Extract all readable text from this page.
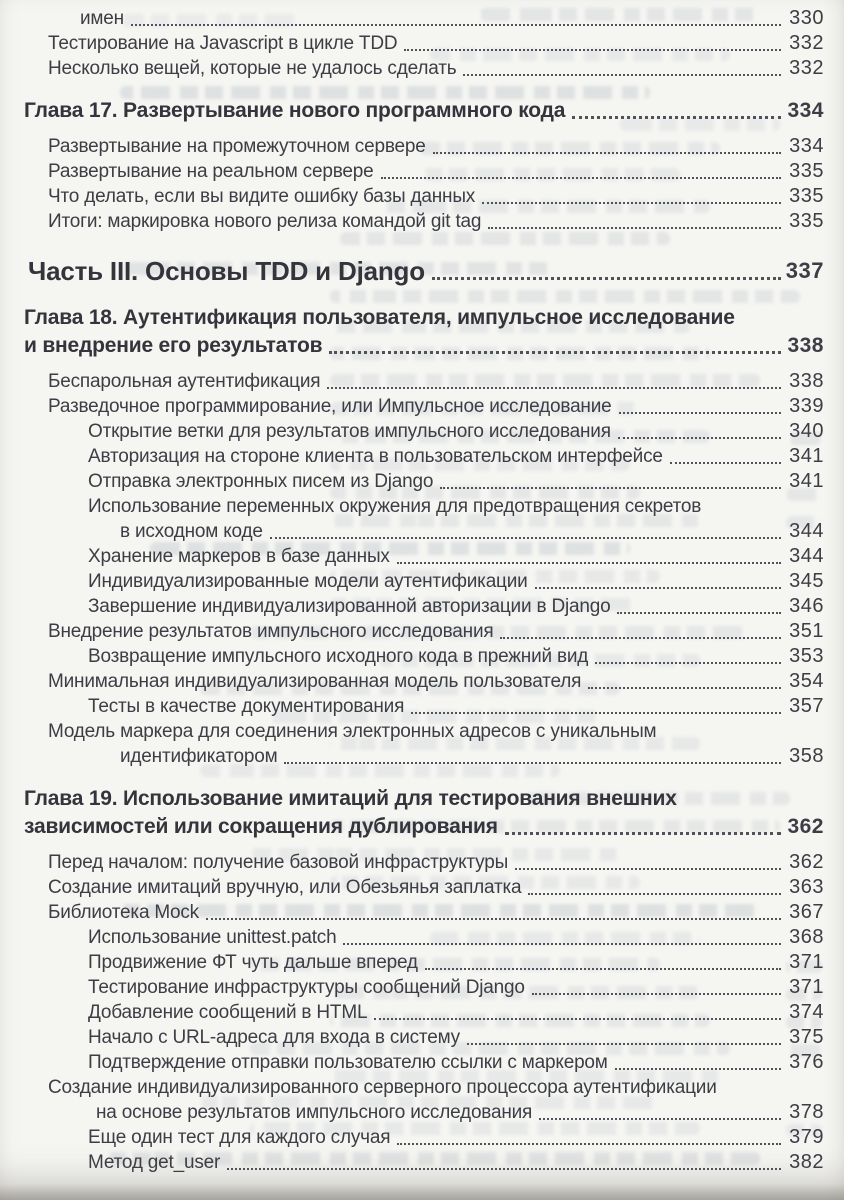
имен	330
Тестирование на Javascript в цикле TDD	332
Несколько вещей, которые не удалось сделать	332
Глава 17. Развертывание нового программного кода	334
Развертывание на промежуточном сервере	334
Развертывание на реальном сервере	335
Что делать, если вы видите ошибку базы данных	335
Итоги: маркировка нового релиза командой git tag	335
Часть III. Основы TDD и Django	337
Глава 18. Аутентификация пользователя, импульсное исследование
и внедрение его результатов	338
Беспарольная аутентификация	338
Разведочное программирование, или Импульсное исследование	339
Открытие ветки для результатов импульсного исследования	340
Авторизация на стороне клиента в пользовательском интерфейсе	341
Отправка электронных писем из Django	341
Использование переменных окружения для предотвращения секретов
в исходном коде	344
Хранение маркеров в базе данных	344
Индивидуализированные модели аутентификации	345
Завершение индивидуализированной авторизации в Django	346
Внедрение результатов импульсного исследования	351
Возвращение импульсного исходного кода в прежний вид	353
Минимальная индивидуализированная модель пользователя	354
Тесты в качестве документирования	357
Модель маркера для соединения электронных адресов с уникальным
идентификатором	358
Глава 19. Использование имитаций для тестирования внешних
зависимостей или сокращения дублирования	362
Перед началом: получение базовой инфраструктуры	362
Создание имитаций вручную, или Обезьянья заплатка	363
Библиотека Mock	367
Использование unittest.patch	368
Продвижение ФТ чуть дальше вперед	371
Тестирование инфраструктуры сообщений Django	371
Добавление сообщений в HTML	374
Начало с URL-адреса для входа в систему	375
Подтверждение отправки пользователю ссылки с маркером	376
Создание индивидуализированного серверного процессора аутентификации
на основе результатов импульсного исследования	378
Еще один тест для каждого случая	379
Метод get_user	382
